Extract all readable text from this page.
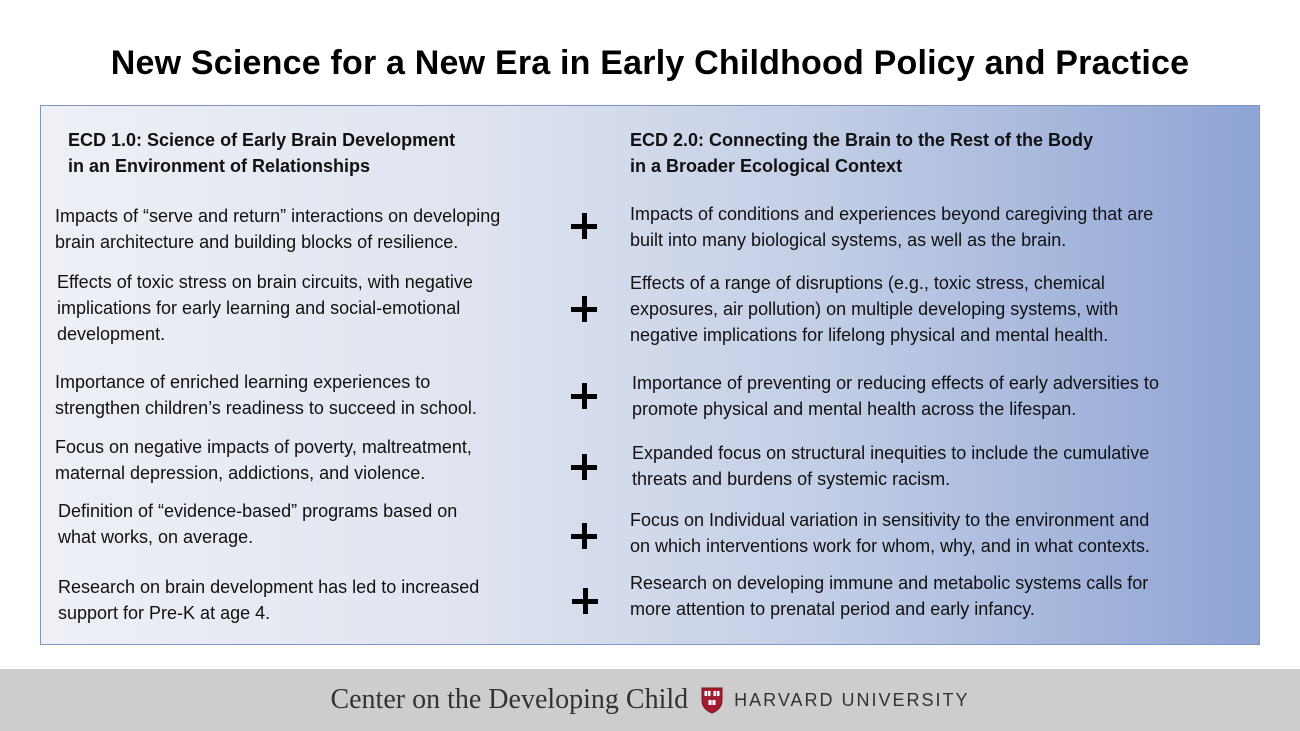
New Science for a New Era in Early Childhood Policy and Practice
ECD 1.0: Science of Early Brain Development
in an Environment of Relationships
ECD 2.0: Connecting the Brain to the Rest of the Body
in a Broader Ecological Context
Impacts of “serve and return” interactions on developing
brain architecture and building blocks of resilience.
Impacts of conditions and experiences beyond caregiving that are
built into many biological systems, as well as the brain.
Effects of toxic stress on brain circuits, with negative
implications for early learning and social-emotional
development.
Effects of a range of disruptions (e.g., toxic stress, chemical
exposures, air pollution) on multiple developing systems, with
negative implications for lifelong physical and mental health.
Importance of enriched learning experiences to
strengthen children’s readiness to succeed in school.
Importance of preventing or reducing effects of early adversities to
promote physical and mental health across the lifespan.
Focus on negative impacts of poverty, maltreatment,
maternal depression, addictions, and violence.
Expanded focus on structural inequities to include the cumulative
threats and burdens of systemic racism.
Definition of “evidence-based” programs based on
what works, on average.
Focus on Individual variation in sensitivity to the environment and
on which interventions work for whom, why, and in what contexts.
Research on brain development has led to increased
support for Pre-K at age 4.
Research on developing immune and metabolic systems calls for
more attention to prenatal period and early infancy.
Center on the Developing Child	HARVARD UNIVERSITY
